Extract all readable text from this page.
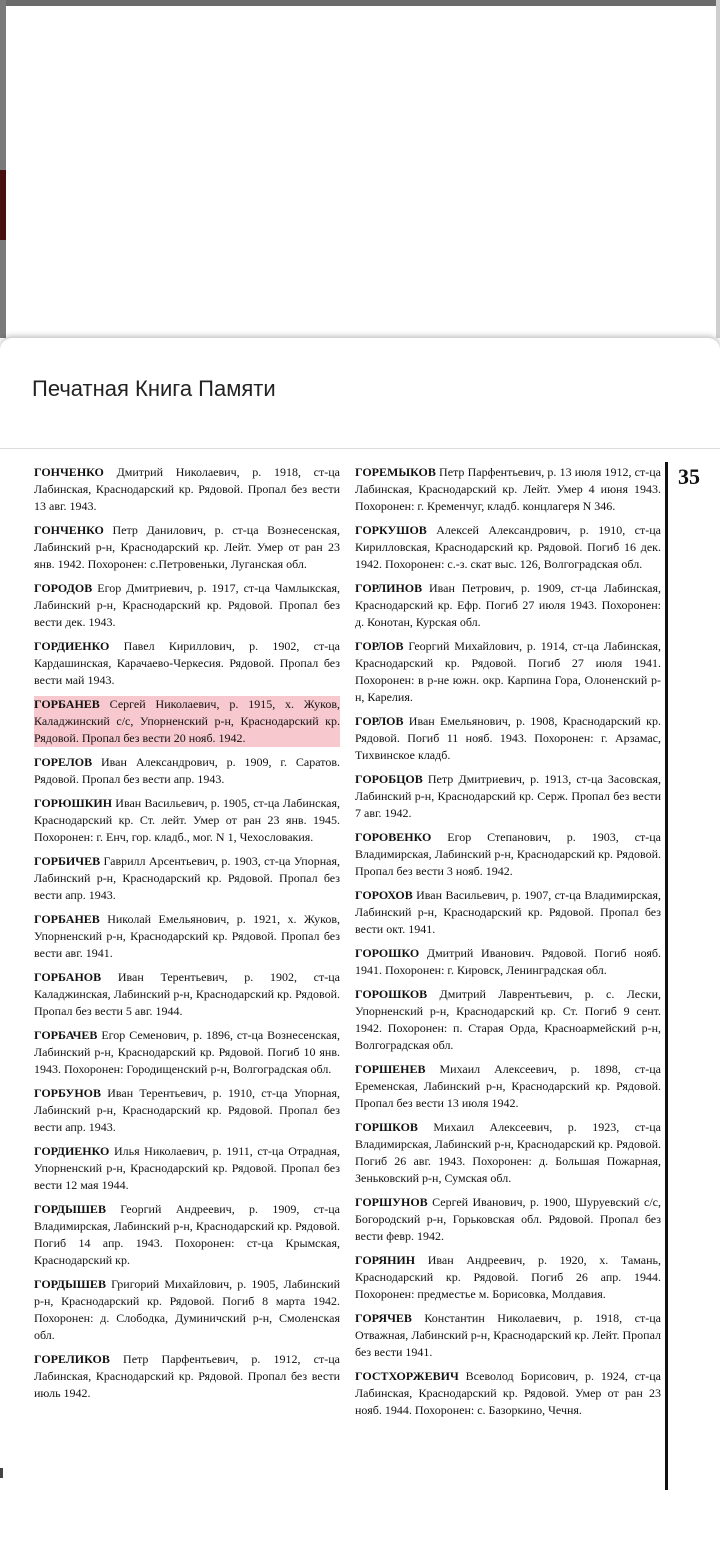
Печатная Книга Памяти

ГОНЧЕНКО Дмитрий Николаевич, р. 1918, ст-ца Лабинская, Краснодарский кр. Рядовой. Пропал без вести 13 авг. 1943.

ГОНЧЕНКО Петр Данилович, р. ст-ца Вознесенская, Лабинский р-н, Краснодарский кр. Лейт. Умер от ран 23 янв. 1942. Похоронен: с.Петровеньки, Луганская обл.

ГОРОДОВ Егор Дмитриевич, р. 1917, ст-ца Чамлыкская, Лабинский р-н, Краснодарский кр. Рядовой. Пропал без вести дек. 1943.

ГОРДИЕНКО Павел Кириллович, р. 1902, ст-ца Кардашинская, Карачаево-Черкесия. Рядовой. Пропал без вести май 1943.

ГОРБАНЕВ Сергей Николаевич, р. 1915, х. Жуков, Каладжинский с/с, Упорненский р-н, Краснодарский кр. Рядовой. Пропал без вести 20 нояб. 1942.

ГОРЕЛОВ Иван Александрович, р. 1909, г. Саратов. Рядовой. Пропал без вести апр. 1943.

ГОРЮШКИН Иван Васильевич, р. 1905, ст-ца Лабинская, Краснодарский кр. Ст. лейт. Умер от ран 23 янв. 1945. Похоронен: г. Енч, гор. кладб., мог. N 1, Чехословакия.

ГОРБИЧЕВ Гаврилл Арсентьевич, р. 1903, ст-ца Упорная, Лабинский р-н, Краснодарский кр. Рядовой. Пропал без вести апр. 1943.

ГОРБАНЕВ Николай Емельянович, р. 1921, х. Жуков, Упорненский р-н, Краснодарский кр. Рядовой. Пропал без вести авг. 1941.

ГОРБАНОВ Иван Терентьевич, р. 1902, ст-ца Каладжинская, Лабинский р-н, Краснодарский кр. Рядовой. Пропал без вести 5 авг. 1944.

ГОРБАЧЕВ Егор Семенович, р. 1896, ст-ца Вознесенская, Лабинский р-н, Краснодарский кр. Рядовой. Погиб 10 янв. 1943. Похоронен: Городищенский р-н, Волгоградская обл.

ГОРБУНОВ Иван Терентьевич, р. 1910, ст-ца Упорная, Лабинский р-н, Краснодарский кр. Рядовой. Пропал без вести апр. 1943.

ГОРДИЕНКО Илья Николаевич, р. 1911, ст-ца Отрадная, Упорненский р-н, Краснодарский кр. Рядовой. Пропал без вести 12 мая 1944.

ГОРДЫШЕВ Георгий Андреевич, р. 1909, ст-ца Владимирская, Лабинский р-н, Краснодарский кр. Рядовой. Погиб 14 апр. 1943. Похоронен: ст-ца Крымская, Краснодарский кр.

ГОРДЫШЕВ Григорий Михайлович, р. 1905, Лабинский р-н, Краснодарский кр. Рядовой. Погиб 8 марта 1942. Похоронен: д. Слободка, Думиничский р-н, Смоленская обл.

ГОРЕЛИКОВ Петр Парфентьевич, р. 1912, ст-ца Лабинская, Краснодарский кр. Рядовой. Пропал без вести июль 1942.

ГОРЕМЫКОВ Петр Парфентьевич, р. 13 июля 1912, ст-ца Лабинская, Краснодарский кр. Лейт. Умер 4 июня 1943. Похоронен: г. Кременчуг, кладб. концлагеря N 346.

ГОРКУШОВ Алексей Александрович, р. 1910, ст-ца Кирилловская, Краснодарский кр. Рядовой. Погиб 16 дек. 1942. Похоронен: с.-з. скат выс. 126, Волгоградская обл.

ГОРЛИНОВ Иван Петрович, р. 1909, ст-ца Лабинская, Краснодарский кр. Ефр. Погиб 27 июля 1943. Похоронен: д. Конотан, Курская обл.

ГОРЛОВ Георгий Михайлович, р. 1914, ст-ца Лабинская, Краснодарский кр. Рядовой. Погиб 27 июля 1941. Похоронен: в р-не южн. окр. Карпина Гора, Олоненский р-н, Карелия.

ГОРЛОВ Иван Емельянович, р. 1908, Краснодарский кр. Рядовой. Погиб 11 нояб. 1943. Похоронен: г. Арзамас, Тихвинское кладб.

ГОРОБЦОВ Петр Дмитриевич, р. 1913, ст-ца Засовская, Лабинский р-н, Краснодарский кр. Серж. Пропал без вести 7 авг. 1942.

ГОРОВЕНКО Егор Степанович, р. 1903, ст-ца Владимирская, Лабинский р-н, Краснодарский кр. Рядовой. Пропал без вести 3 нояб. 1942.

ГОРОХОВ Иван Васильевич, р. 1907, ст-ца Владимирская, Лабинский р-н, Краснодарский кр. Рядовой. Пропал без вести окт. 1941.

ГОРОШКО Дмитрий Иванович. Рядовой. Погиб нояб. 1941. Похоронен: г. Кировск, Ленинградская обл.

ГОРОШКОВ Дмитрий Лаврентьевич, р. с. Лески, Упорненский р-н, Краснодарский кр. Ст. Погиб 9 сент. 1942. Похоронен: п. Старая Орда, Красноармейский р-н, Волгоградская обл.

ГОРШЕНЕВ Михаил Алексеевич, р. 1898, ст-ца Еременская, Лабинский р-н, Краснодарский кр. Рядовой. Пропал без вести 13 июля 1942.

ГОРШКОВ Михаил Алексеевич, р. 1923, ст-ца Владимирская, Лабинский р-н, Краснодарский кр. Рядовой. Погиб 26 авг. 1943. Похоронен: д. Большая Пожарная, Зеньковский р-н, Сумская обл.

ГОРШУНОВ Сергей Иванович, р. 1900, Шуруевский с/с, Богородский р-н, Горьковская обл. Рядовой. Пропал без вести февр. 1942.

ГОРЯНИН Иван Андреевич, р. 1920, х. Тамань, Краснодарский кр. Рядовой. Погиб 26 апр. 1944. Похоронен: предместье м. Борисовка, Молдавия.

ГОРЯЧЕВ Константин Николаевич, р. 1918, ст-ца Отважная, Лабинский р-н, Краснодарский кр. Лейт. Пропал без вести 1941.

ГОСТХОРЖЕВИЧ Всеволод Борисович, р. 1924, ст-ца Лабинская, Краснодарский кр. Рядовой. Умер от ран 23 нояб. 1944. Похоронен: с. Базоркино, Чечня.

35
